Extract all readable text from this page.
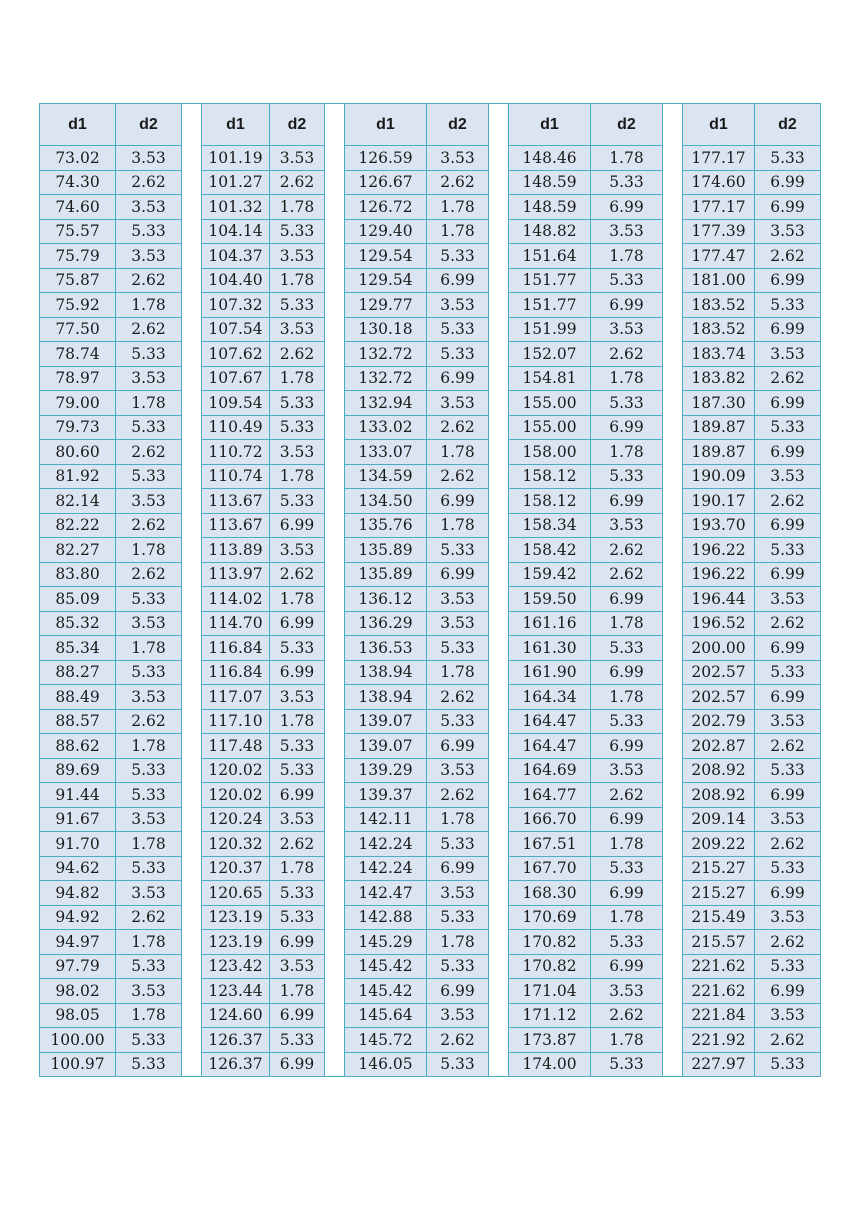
d1	d2		d1	d2		d1	d2		d1	d2		d1	d2
73.02	3.53		101.19	3.53		126.59	3.53		148.46	1.78		177.17	5.33
74.30	2.62		101.27	2.62		126.67	2.62		148.59	5.33		174.60	6.99
74.60	3.53		101.32	1.78		126.72	1.78		148.59	6.99		177.17	6.99
75.57	5.33		104.14	5.33		129.40	1.78		148.82	3.53		177.39	3.53
75.79	3.53		104.37	3.53		129.54	5.33		151.64	1.78		177.47	2.62
75.87	2.62		104.40	1.78		129.54	6.99		151.77	5.33		181.00	6.99
75.92	1.78		107.32	5.33		129.77	3.53		151.77	6.99		183.52	5.33
77.50	2.62		107.54	3.53		130.18	5.33		151.99	3.53		183.52	6.99
78.74	5.33		107.62	2.62		132.72	5.33		152.07	2.62		183.74	3.53
78.97	3.53		107.67	1.78		132.72	6.99		154.81	1.78		183.82	2.62
79.00	1.78		109.54	5.33		132.94	3.53		155.00	5.33		187.30	6.99
79.73	5.33		110.49	5.33		133.02	2.62		155.00	6.99		189.87	5.33
80.60	2.62		110.72	3.53		133.07	1.78		158.00	1.78		189.87	6.99
81.92	5.33		110.74	1.78		134.59	2.62		158.12	5.33		190.09	3.53
82.14	3.53		113.67	5.33		134.50	6.99		158.12	6.99		190.17	2.62
82.22	2.62		113.67	6.99		135.76	1.78		158.34	3.53		193.70	6.99
82.27	1.78		113.89	3.53		135.89	5.33		158.42	2.62		196.22	5.33
83.80	2.62		113.97	2.62		135.89	6.99		159.42	2.62		196.22	6.99
85.09	5.33		114.02	1.78		136.12	3.53		159.50	6.99		196.44	3.53
85.32	3.53		114.70	6.99		136.29	3.53		161.16	1.78		196.52	2.62
85.34	1.78		116.84	5.33		136.53	5.33		161.30	5.33		200.00	6.99
88.27	5.33		116.84	6.99		138.94	1.78		161.90	6.99		202.57	5.33
88.49	3.53		117.07	3.53		138.94	2.62		164.34	1.78		202.57	6.99
88.57	2.62		117.10	1.78		139.07	5.33		164.47	5.33		202.79	3.53
88.62	1.78		117.48	5.33		139.07	6.99		164.47	6.99		202.87	2.62
89.69	5.33		120.02	5.33		139.29	3.53		164.69	3.53		208.92	5.33
91.44	5.33		120.02	6.99		139.37	2.62		164.77	2.62		208.92	6.99
91.67	3.53		120.24	3.53		142.11	1.78		166.70	6.99		209.14	3.53
91.70	1.78		120.32	2.62		142.24	5.33		167.51	1.78		209.22	2.62
94.62	5.33		120.37	1.78		142.24	6.99		167.70	5.33		215.27	5.33
94.82	3.53		120.65	5.33		142.47	3.53		168.30	6.99		215.27	6.99
94.92	2.62		123.19	5.33		142.88	5.33		170.69	1.78		215.49	3.53
94.97	1.78		123.19	6.99		145.29	1.78		170.82	5.33		215.57	2.62
97.79	5.33		123.42	3.53		145.42	5.33		170.82	6.99		221.62	5.33
98.02	3.53		123.44	1.78		145.42	6.99		171.04	3.53		221.62	6.99
98.05	1.78		124.60	6.99		145.64	3.53		171.12	2.62		221.84	3.53
100.00	5.33		126.37	5.33		145.72	2.62		173.87	1.78		221.92	2.62
100.97	5.33		126.37	6.99		146.05	5.33		174.00	5.33		227.97	5.33
